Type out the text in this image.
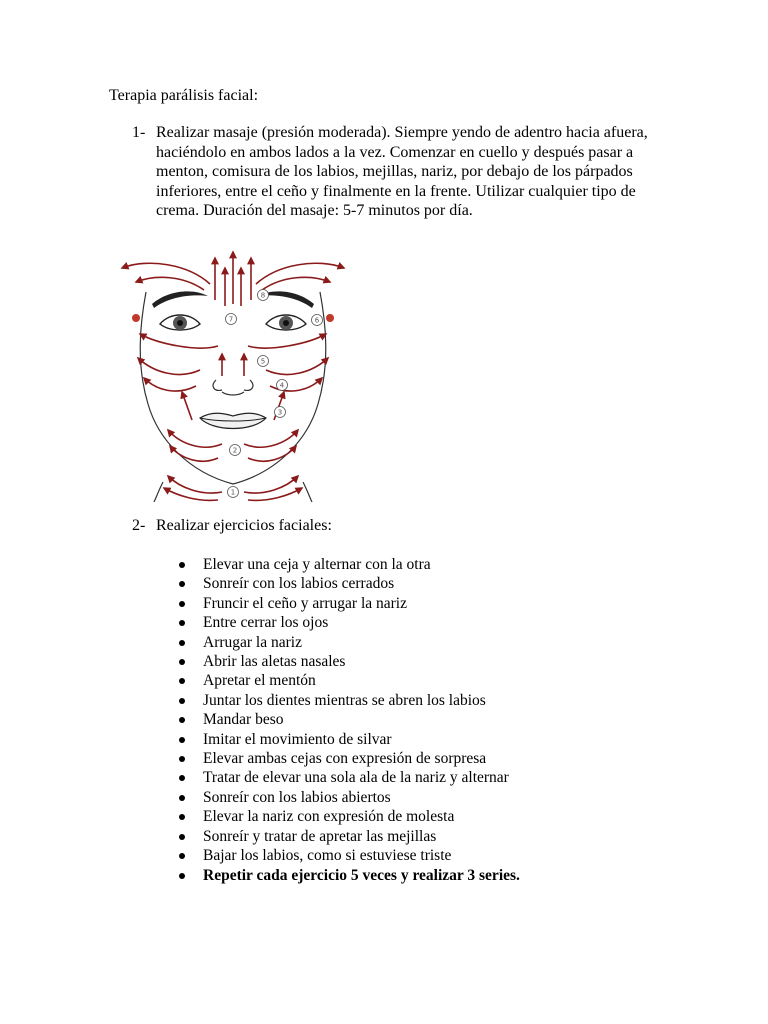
Terapia parálisis facial:
1- Realizar masaje (presión moderada). Siempre yendo de adentro hacia afuera, haciéndolo en ambos lados a la vez. Comenzar en cuello y después pasar a menton, comisura de los labios, mejillas, nariz, por debajo de los párpados inferiores, entre el ceño y finalmente en la frente. Utilizar cualquier tipo de crema. Duración del masaje: 5-7 minutos por día.
1
2
3
4
5
6
7
8
2- Realizar ejercicios faciales:
Elevar una ceja y alternar con la otra
Sonreír con los labios cerrados
Fruncir el ceño y arrugar la nariz
Entre cerrar los ojos
Arrugar la nariz
Abrir las aletas nasales
Apretar el mentón
Juntar los dientes mientras se abren los labios
Mandar beso
Imitar el movimiento de silvar
Elevar ambas cejas con expresión de sorpresa
Tratar de elevar una sola ala de la nariz y alternar
Sonreír con los labios abiertos
Elevar la nariz con expresión de molesta
Sonreír y tratar de apretar las mejillas
Bajar los labios, como si estuviese triste
Repetir cada ejercicio 5 veces y realizar 3 series.
